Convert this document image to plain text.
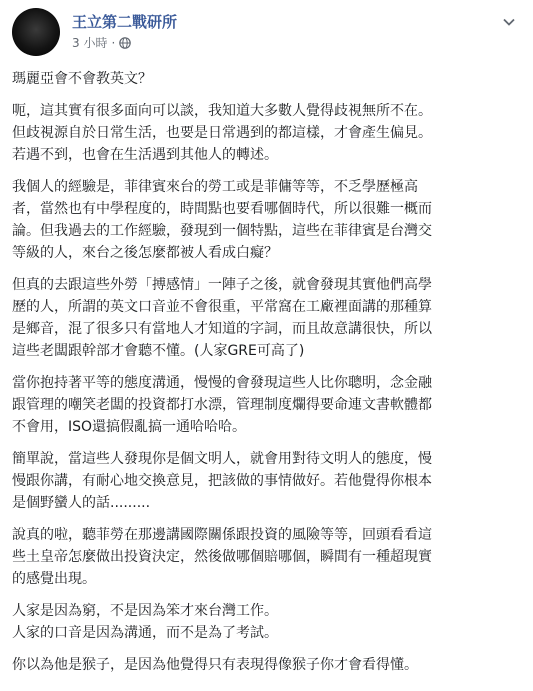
王立第二戰研所
3 小時 ·

瑪麗亞會不會教英文？

呃，這其實有很多面向可以談，我知道大多數人覺得歧視無所不在。
但歧視源自於日常生活，也要是日常遇到的都這樣，才會產生偏見。
若遇不到，也會在生活遇到其他人的轉述。

我個人的經驗是，菲律賓來台的勞工或是菲傭等等，不乏學歷極高
者，當然也有中學程度的，時間點也要看哪個時代，所以很難一概而
論。但我過去的工作經驗，發現到一個特點，這些在菲律賓是台灣交
等級的人，來台之後怎麼都被人看成白癡？

但真的去跟這些外勞「搏感情」一陣子之後，就會發現其實他們高學
歷的人，所謂的英文口音並不會很重，平常窩在工廠裡面講的那種算
是鄉音，混了很多只有當地人才知道的字詞，而且故意講很快，所以
這些老闆跟幹部才會聽不懂。(人家GRE可高了)

當你抱持著平等的態度溝通，慢慢的會發現這些人比你聰明，念金融
跟管理的嘲笑老闆的投資都打水漂，管理制度爛得要命連文書軟體都
不會用，ISO還搞假亂搞一通哈哈哈。

簡單說，當這些人發現你是個文明人，就會用對待文明人的態度，慢
慢跟你講，有耐心地交換意見，把該做的事情做好。若他覺得你根本
是個野蠻人的話.........

說真的啦，聽菲勞在那邊講國際關係跟投資的風險等等，回頭看看這
些土皇帝怎麼做出投資決定，然後做哪個賠哪個，瞬間有一種超現實
的感覺出現。

人家是因為窮，不是因為笨才來台灣工作。
人家的口音是因為溝通，而不是為了考試。

你以為他是猴子，是因為他覺得只有表現得像猴子你才會看得懂。
